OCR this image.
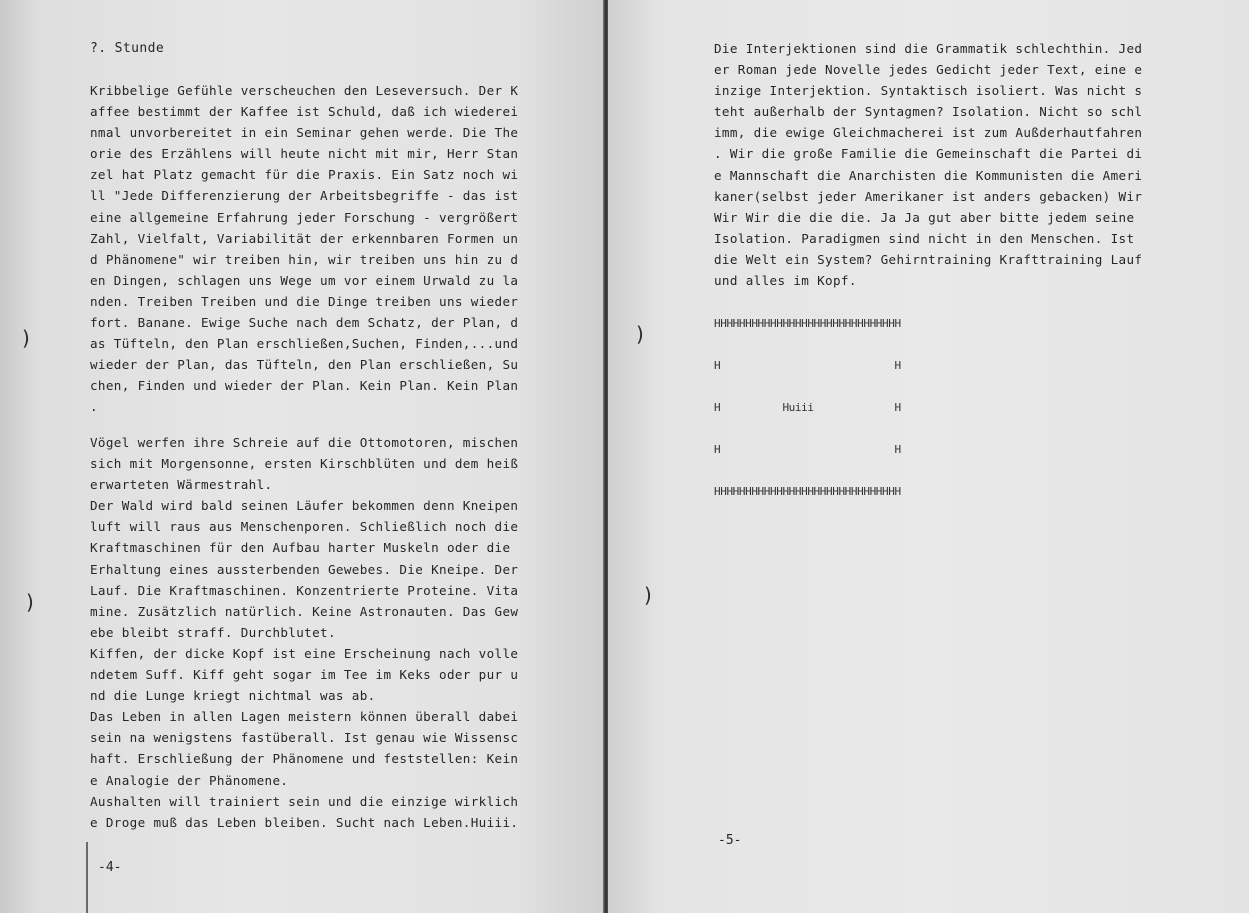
?. Stunde
Kribbelige Gefühle verscheuchen den Leseversuch. Der K
affee bestimmt der Kaffee ist Schuld, daß ich wiederei
nmal unvorbereitet in ein Seminar gehen werde. Die The
orie des Erzählens will heute nicht mit mir, Herr Stan
zel hat Platz gemacht für die Praxis. Ein Satz noch wi
ll "Jede Differenzierung der Arbeitsbegriffe - das ist
eine allgemeine Erfahrung jeder Forschung - vergrößert
Zahl, Vielfalt, Variabilität der erkennbaren Formen un
d Phänomene" wir treiben hin, wir treiben uns hin zu d
en Dingen, schlagen uns Wege um vor einem Urwald zu la
nden. Treiben Treiben und die Dinge treiben uns wieder
fort. Banane. Ewige Suche nach dem Schatz, der Plan, d
as Tüfteln, den Plan erschließen,Suchen, Finden,...und
wieder der Plan, das Tüfteln, den Plan erschließen, Su
chen, Finden und wieder der Plan. Kein Plan. Kein Plan
.
Vögel werfen ihre Schreie auf die Ottomotoren, mischen
sich mit Morgensonne, ersten Kirschblüten und dem heiß
erwarteten Wärmestrahl.
Der Wald wird bald seinen Läufer bekommen denn Kneipen
luft will raus aus Menschenporen. Schließlich noch die
Kraftmaschinen für den Aufbau harter Muskeln oder die
Erhaltung eines aussterbenden Gewebes. Die Kneipe. Der
Lauf. Die Kraftmaschinen. Konzentrierte Proteine. Vita
mine. Zusätzlich natürlich. Keine Astronauten. Das Gew
ebe bleibt straff. Durchblutet.
Kiffen, der dicke Kopf ist eine Erscheinung nach volle
ndetem Suff. Kiff geht sogar im Tee im Keks oder pur u
nd die Lunge kriegt nichtmal was ab.
Das Leben in allen Lagen meistern können überall dabei
sein na wenigstens fastüberall. Ist genau wie Wissensc
haft. Erschließung der Phänomene und feststellen: Kein
e Analogie der Phänomene.
Aushalten will trainiert sein und die einzige wirklich
e Droge muß das Leben bleiben. Sucht nach Leben.Huiii.
)
)
-4-
Die Interjektionen sind die Grammatik schlechthin. Jed
er Roman jede Novelle jedes Gedicht jeder Text, eine e
inzige Interjektion. Syntaktisch isoliert. Was nicht s
teht außerhalb der Syntagmen? Isolation. Nicht so schl
imm, die ewige Gleichmacherei ist zum Außderhautfahren
. Wir die große Familie die Gemeinschaft die Partei di
e Mannschaft die Anarchisten die Kommunisten die Ameri
kaner(selbst jeder Amerikaner ist anders gebacken) Wir
Wir Wir die die die. Ja Ja gut aber bitte jedem seine
Isolation. Paradigmen sind nicht in den Menschen. Ist
die Welt ein System? Gehirntraining Krafttraining Lauf
und alles im Kopf.

HHHHHHHHHHHHHHHHHHHHHHHHHHHHHH

H                            H

H          Huiii             H

H                            H

HHHHHHHHHHHHHHHHHHHHHHHHHHHHHH

)
)
-5-
